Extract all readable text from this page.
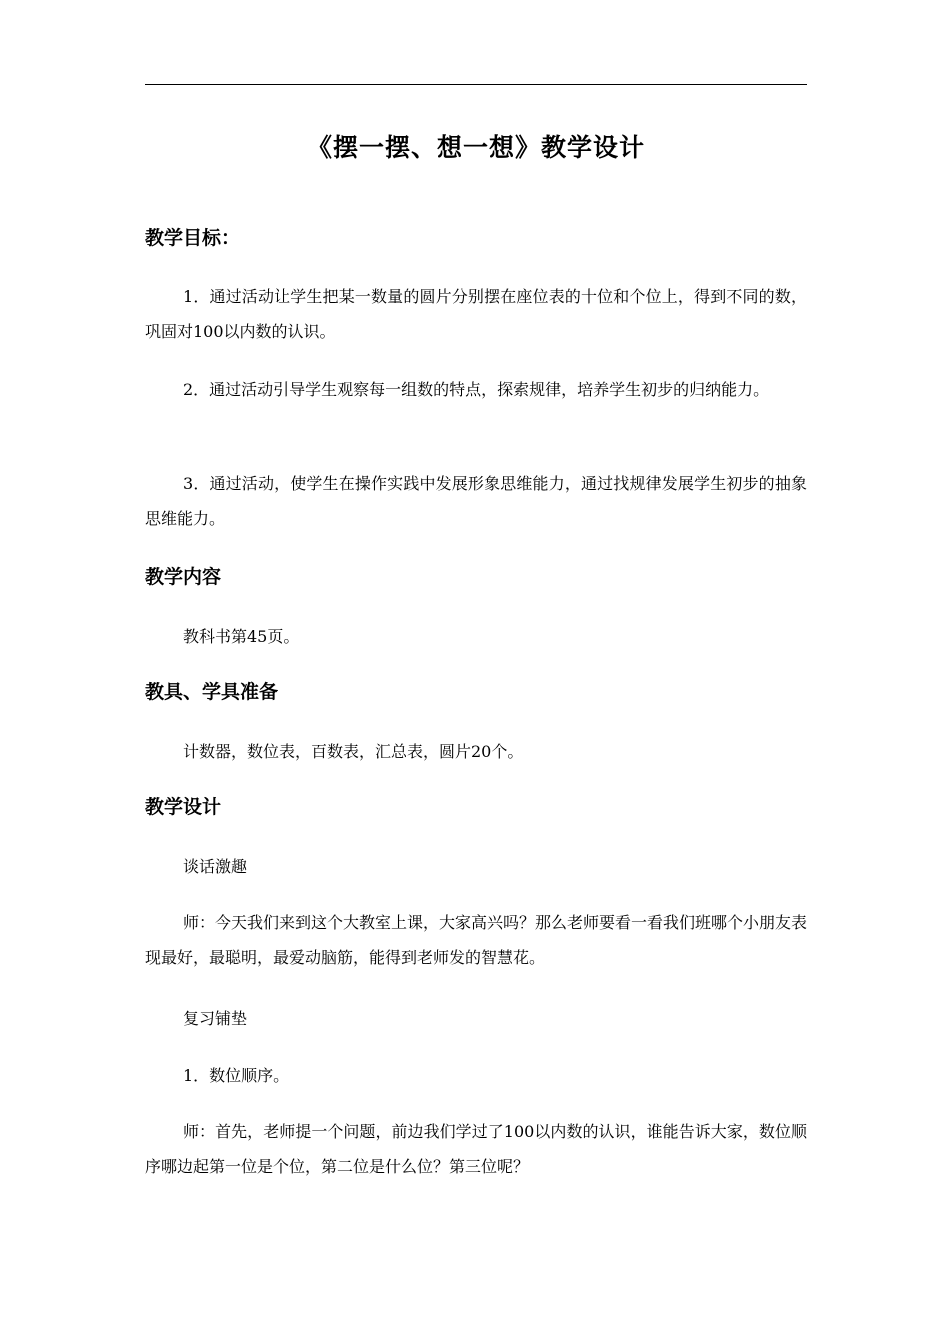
《摆一摆、想一想》教学设计
教学目标：

1．通过活动让学生把某一数量的圆片分别摆在座位表的十位和个位上，得到不同的数，巩固对100以内数的认识。

2．通过活动引导学生观察每一组数的特点，探索规律，培养学生初步的归纳能力。

3．通过活动，使学生在操作实践中发展形象思维能力，通过找规律发展学生初步的抽象思维能力。

教学内容

教科书第45页。

教具、学具准备

计数器，数位表，百数表，汇总表，圆片20个。

教学设计

谈话激趣

师：今天我们来到这个大教室上课，大家高兴吗？那么老师要看一看我们班哪个小朋友表现最好，最聪明，最爱动脑筋，能得到老师发的智慧花。

复习铺垫

1．数位顺序。

师：首先，老师提一个问题，前边我们学过了100以内数的认识，谁能告诉大家，数位顺序哪边起第一位是个位，第二位是什么位？第三位呢？
